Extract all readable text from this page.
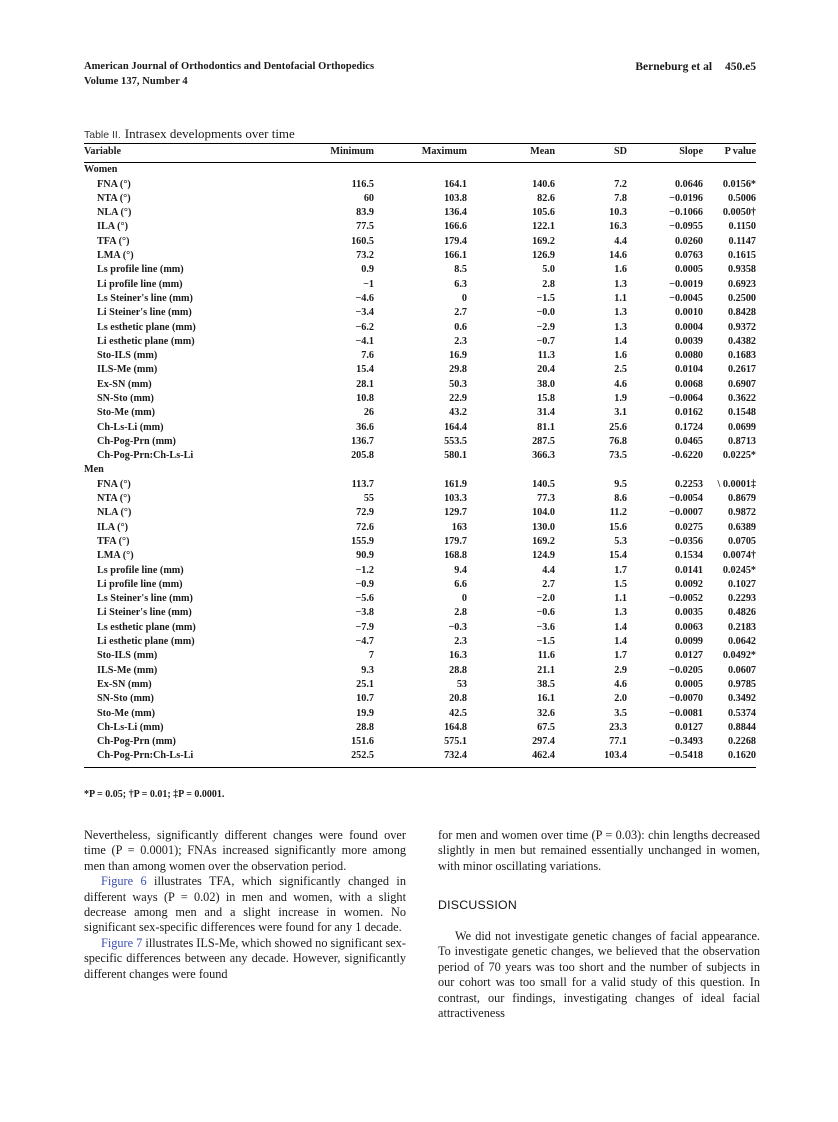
American Journal of Orthodontics and Dentofacial Orthopedics
Volume 137, Number 4
Berneburg et al 450.e5
Table II. Intrasex developments over time
Variable	Minimum	Maximum	Mean	SD	Slope	P value
Women						
FNA (°)	116.5	164.1	140.6	7.2	0.0646	0.0156*
NTA (°)	60	103.8	82.6	7.8	−0.0196	0.5006
NLA (°)	83.9	136.4	105.6	10.3	−0.1066	0.0050†
ILA (°)	77.5	166.6	122.1	16.3	−0.0955	0.1150
TFA (°)	160.5	179.4	169.2	4.4	0.0260	0.1147
LMA (°)	73.2	166.1	126.9	14.6	0.0763	0.1615
Ls profile line (mm)	0.9	8.5	5.0	1.6	0.0005	0.9358
Li profile line (mm)	−1	6.3	2.8	1.3	−0.0019	0.6923
Ls Steiner's line (mm)	−4.6	0	−1.5	1.1	−0.0045	0.2500
Li Steiner's line (mm)	−3.4	2.7	−0.0	1.3	0.0010	0.8428
Ls esthetic plane (mm)	−6.2	0.6	−2.9	1.3	0.0004	0.9372
Li esthetic plane (mm)	−4.1	2.3	−0.7	1.4	0.0039	0.4382
Sto-ILS (mm)	7.6	16.9	11.3	1.6	0.0080	0.1683
ILS-Me (mm)	15.4	29.8	20.4	2.5	0.0104	0.2617
Ex-SN (mm)	28.1	50.3	38.0	4.6	0.0068	0.6907
SN-Sto (mm)	10.8	22.9	15.8	1.9	−0.0064	0.3622
Sto-Me (mm)	26	43.2	31.4	3.1	0.0162	0.1548
Ch-Ls-Li (mm)	36.6	164.4	81.1	25.6	0.1724	0.0699
Ch-Pog-Prn (mm)	136.7	553.5	287.5	76.8	0.0465	0.8713
Ch-Pog-Prn:Ch-Ls-Li	205.8	580.1	366.3	73.5	-0.6220	0.0225*
Men						
FNA (°)	113.7	161.9	140.5	9.5	0.2253	\ 0.0001‡
NTA (°)	55	103.3	77.3	8.6	−0.0054	0.8679
NLA (°)	72.9	129.7	104.0	11.2	−0.0007	0.9872
ILA (°)	72.6	163	130.0	15.6	0.0275	0.6389
TFA (°)	155.9	179.7	169.2	5.3	−0.0356	0.0705
LMA (°)	90.9	168.8	124.9	15.4	0.1534	0.0074†
Ls profile line (mm)	−1.2	9.4	4.4	1.7	0.0141	0.0245*
Li profile line (mm)	−0.9	6.6	2.7	1.5	0.0092	0.1027
Ls Steiner's line (mm)	−5.6	0	−2.0	1.1	−0.0052	0.2293
Li Steiner's line (mm)	−3.8	2.8	−0.6	1.3	0.0035	0.4826
Ls esthetic plane (mm)	−7.9	−0.3	−3.6	1.4	0.0063	0.2183
Li esthetic plane (mm)	−4.7	2.3	−1.5	1.4	0.0099	0.0642
Sto-ILS (mm)	7	16.3	11.6	1.7	0.0127	0.0492*
ILS-Me (mm)	9.3	28.8	21.1	2.9	−0.0205	0.0607
Ex-SN (mm)	25.1	53	38.5	4.6	0.0005	0.9785
SN-Sto (mm)	10.7	20.8	16.1	2.0	−0.0070	0.3492
Sto-Me (mm)	19.9	42.5	32.6	3.5	−0.0081	0.5374
Ch-Ls-Li (mm)	28.8	164.8	67.5	23.3	0.0127	0.8844
Ch-Pog-Prn (mm)	151.6	575.1	297.4	77.1	−0.3493	0.2268
Ch-Pog-Prn:Ch-Ls-Li	252.5	732.4	462.4	103.4	−0.5418	0.1620
*P = 0.05; †P = 0.01; ‡P = 0.0001.

Nevertheless, significantly different changes were found over time (P = 0.0001); FNAs increased significantly more among men than among women over the observation period.

Figure 6 illustrates TFA, which significantly changed in different ways (P = 0.02) in men and women, with a slight decrease among men and a slight increase in women. No significant sex-specific differences were found for any 1 decade.

Figure 7 illustrates ILS-Me, which showed no significant sex-specific differences between any decade. However, significantly different changes were found

for men and women over time (P = 0.03): chin lengths decreased slightly in men but remained essentially unchanged in women, with minor oscillating variations.

DISCUSSION

We did not investigate genetic changes of facial appearance. To investigate genetic changes, we believed that the observation period of 70 years was too short and the number of subjects in our cohort was too small for a valid study of this question. In contrast, our findings, investigating changes of ideal facial attractiveness
